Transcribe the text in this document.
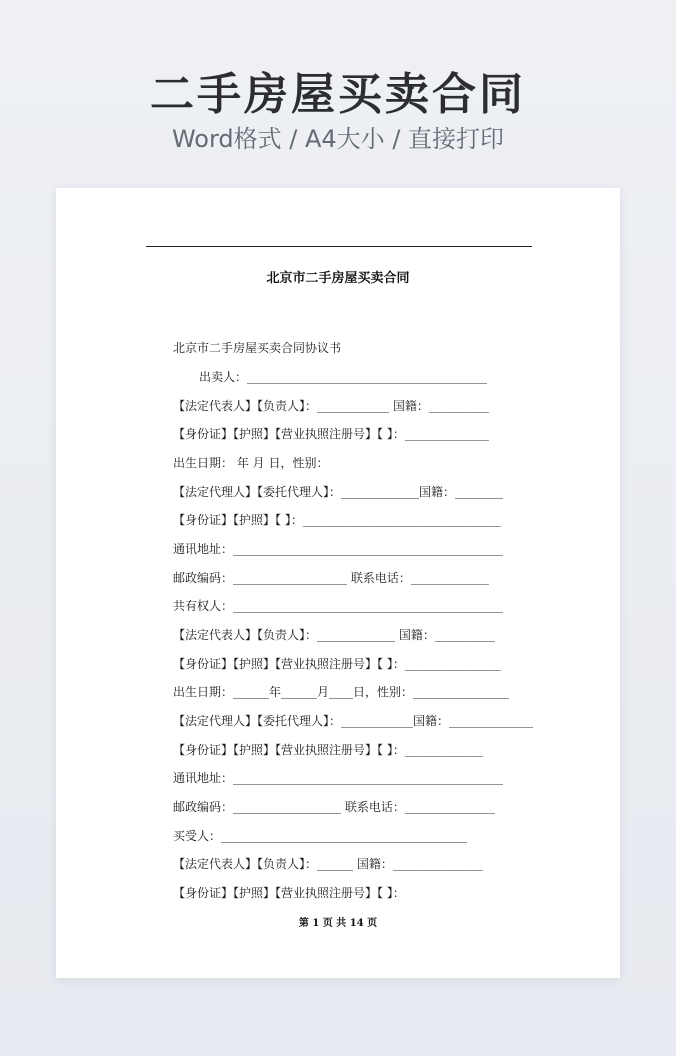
二手房屋买卖合同
Word格式 / A4大小 / 直接打印
北京市二手房屋买卖合同
北京市二手房屋买卖合同协议书
出卖人：________________________________________
【法定代表人】【负责人】：____________ 国籍：__________
【身份证】【护照】【营业执照注册号】【 】：______________
出生日期： 年 月 日，性别：
【法定代理人】【委托代理人】：_____________国籍：________
【身份证】【护照】【 】：_________________________________
通讯地址：_____________________________________________
邮政编码：___________________ 联系电话：_____________
共有权人：_____________________________________________
【法定代表人】【负责人】：_____________ 国籍：__________
【身份证】【护照】【营业执照注册号】【 】：________________
出生日期：______年______月____日，性别：________________
【法定代理人】【委托代理人】：____________国籍：______________
【身份证】【护照】【营业执照注册号】【 】：_____________
通讯地址：_____________________________________________
邮政编码：__________________ 联系电话：_______________
买受人：_________________________________________
【法定代表人】【负责人】：______ 国籍：_______________
【身份证】【护照】【营业执照注册号】【 】：
第 1 页 共 14 页
